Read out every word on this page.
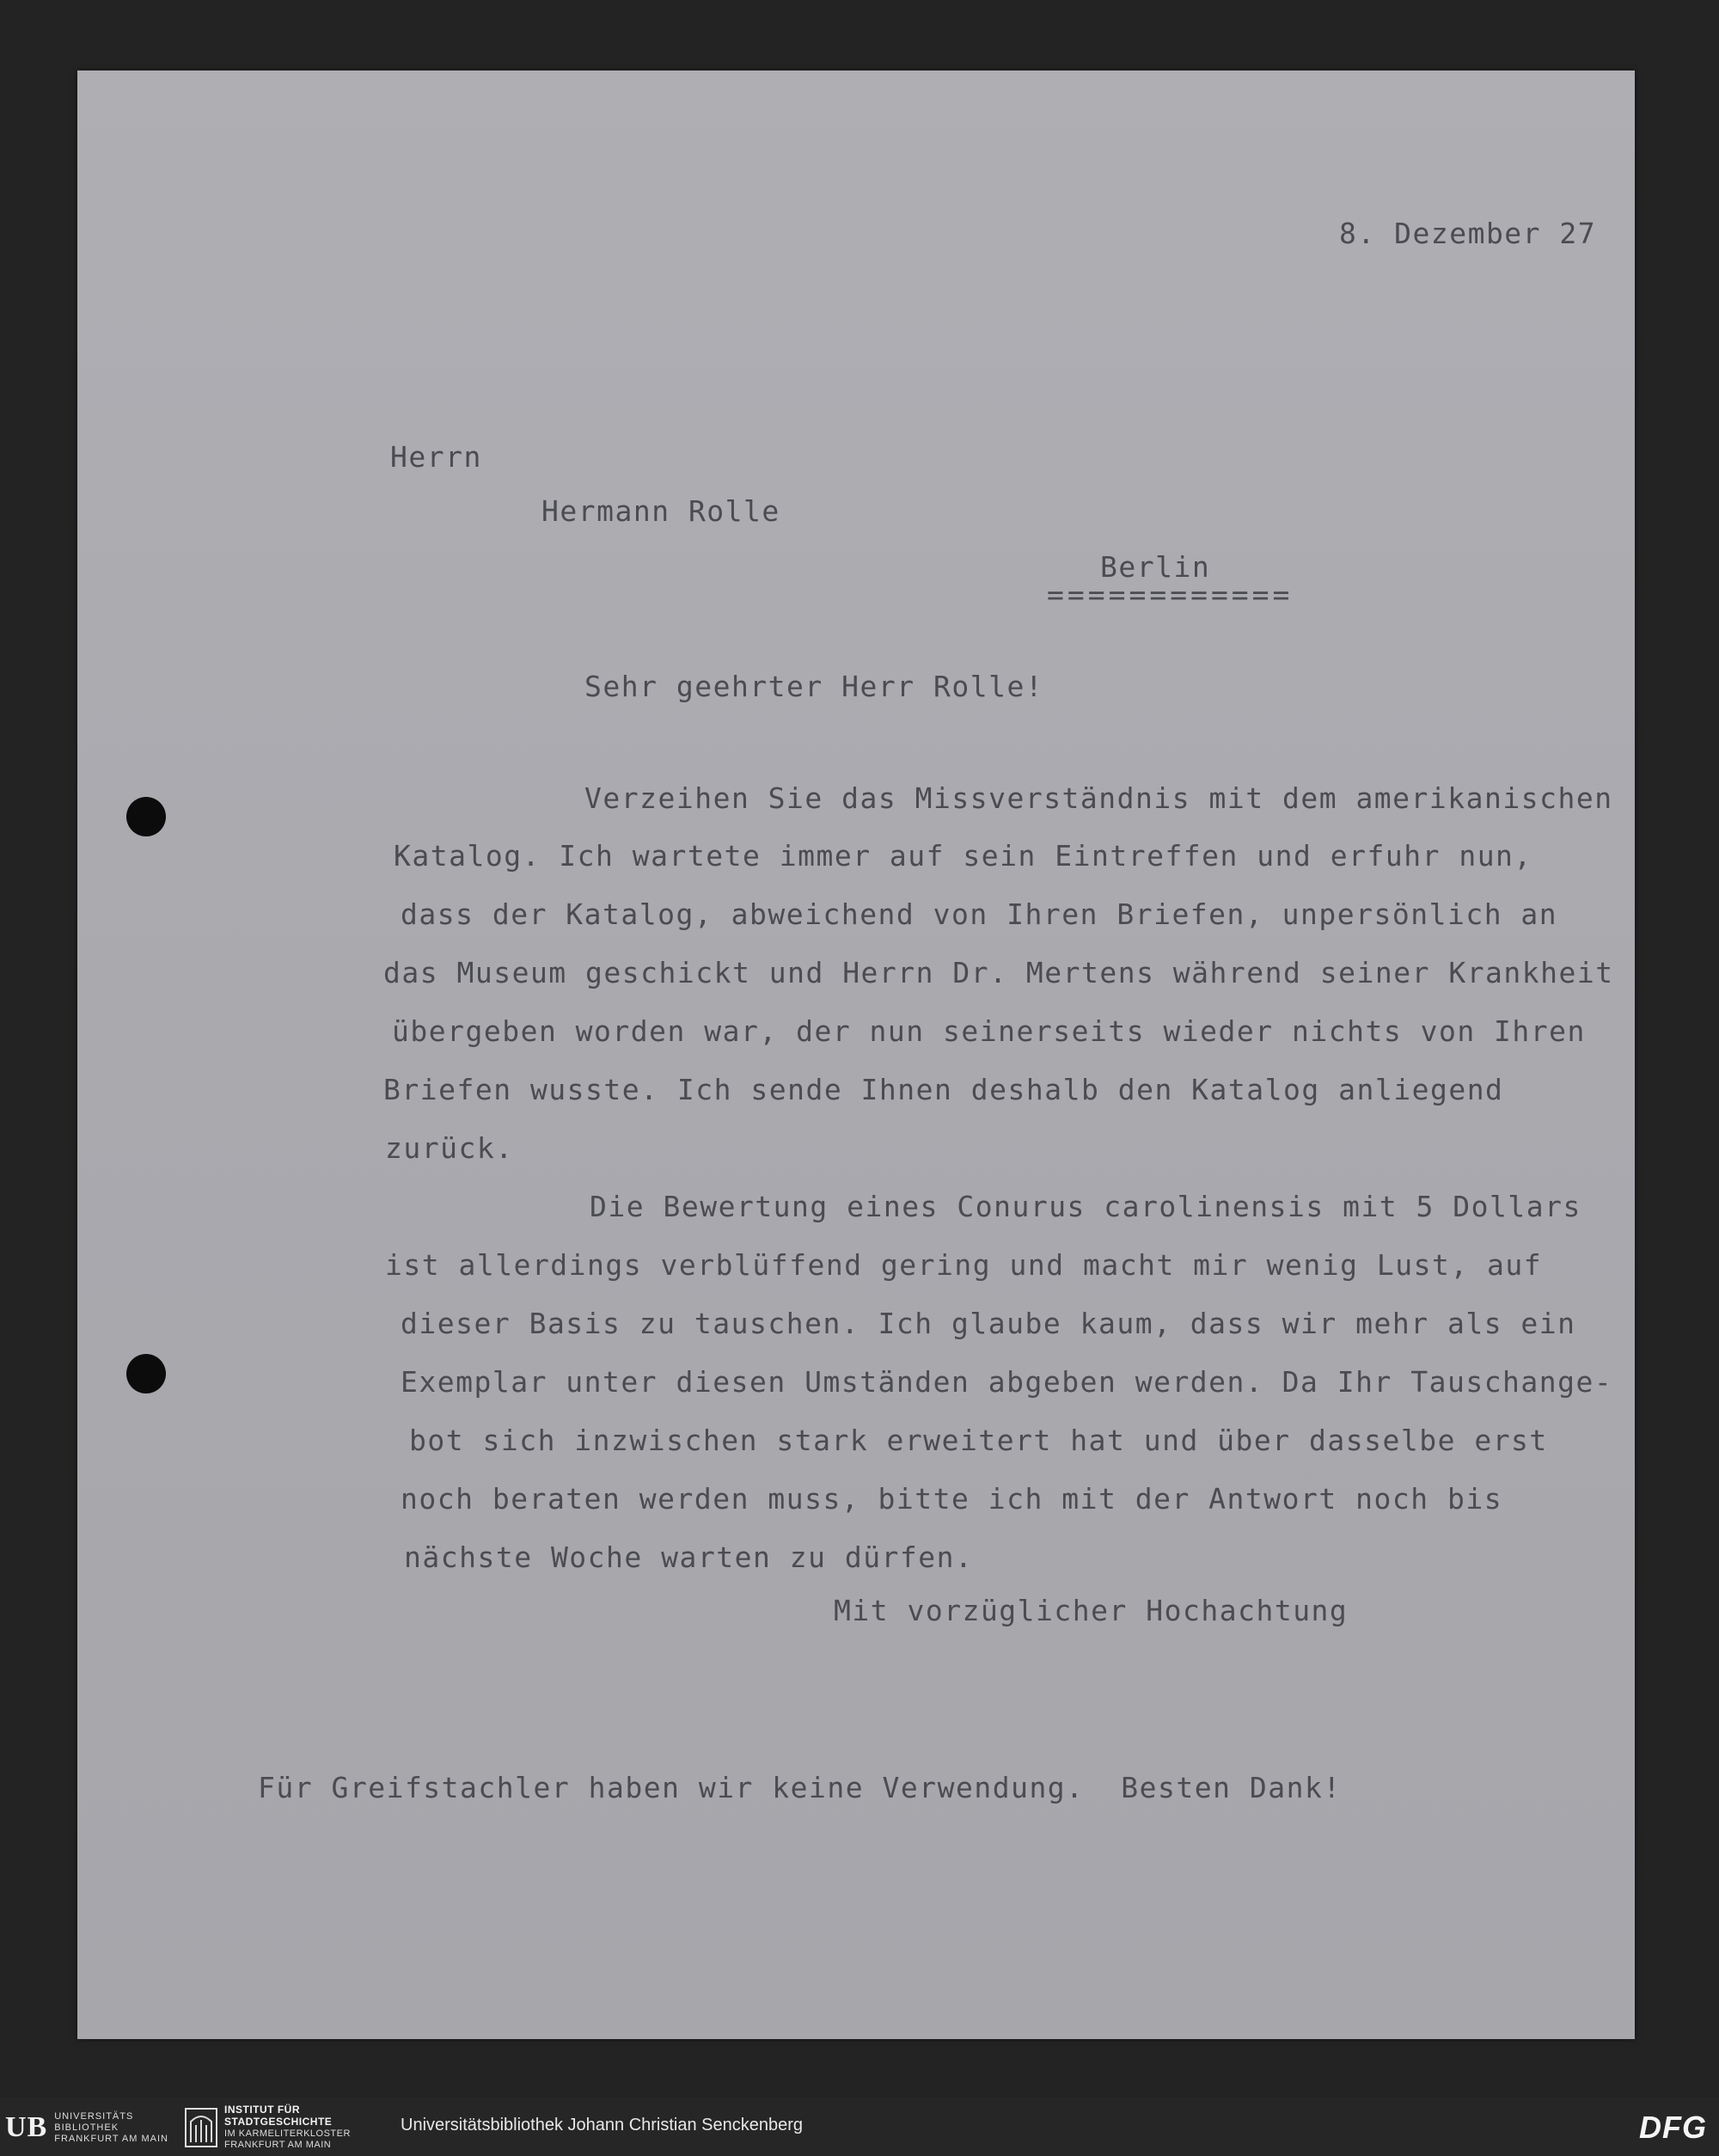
8. Dezember 27

Herrn

Hermann Rolle

Berlin

============

Sehr geehrter Herr Rolle!

Verzeihen Sie das Missverständnis mit dem amerikanischen

Katalog. Ich wartete immer auf sein Eintreffen und erfuhr nun,

dass der Katalog, abweichend von Ihren Briefen, unpersönlich an

das Museum geschickt und Herrn Dr. Mertens während seiner Krankheit

übergeben worden war, der nun seinerseits wieder nichts von Ihren

Briefen wusste. Ich sende Ihnen deshalb den Katalog anliegend

zurück.

Die Bewertung eines Conurus carolinensis mit 5 Dollars

ist allerdings verblüffend gering und macht mir wenig Lust, auf

dieser Basis zu tauschen. Ich glaube kaum, dass wir mehr als ein

Exemplar unter diesen Umständen abgeben werden. Da Ihr Tauschange-

bot sich inzwischen stark erweitert hat und über dasselbe erst

noch beraten werden muss, bitte ich mit der Antwort noch bis

nächste Woche warten zu dürfen.

Mit vorzüglicher Hochachtung

Für Greifstachler haben wir keine Verwendung.  Besten Dank!

UB UNIVERSITÄTS
BIBLIOTHEK
FRANKFURT AM MAIN
INSTITUT FÜR
STADTGESCHICHTE
IM KARMELITERKLOSTER
FRANKFURT AM MAIN
Universitätsbibliothek Johann Christian Senckenberg	DFG
